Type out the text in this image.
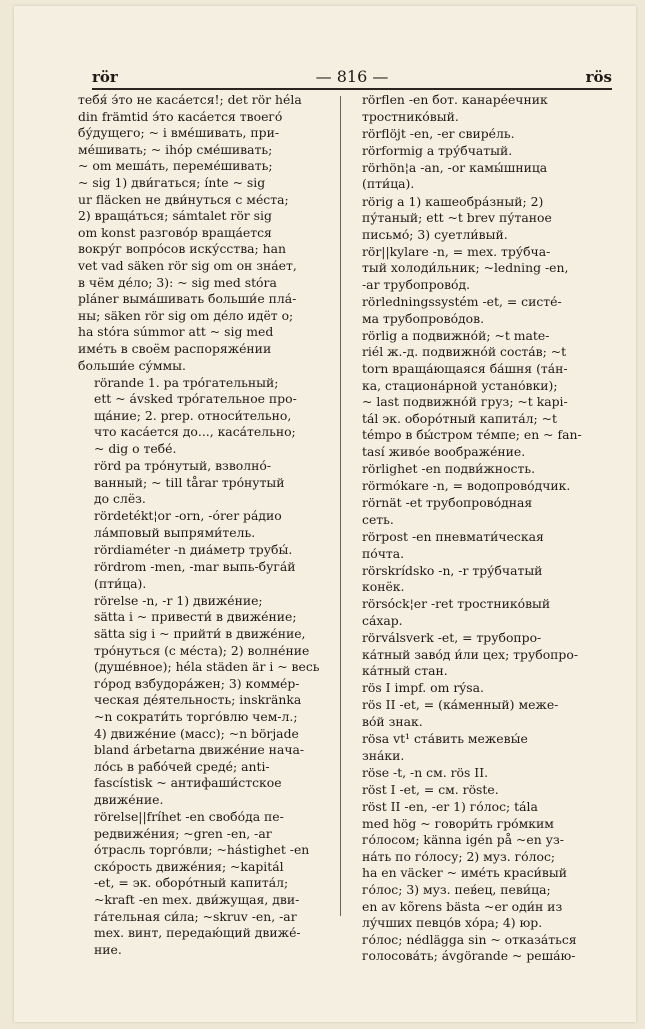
rör	— 816 —	rös
тебя́ э́то не каса́ется!; det rör héla
din främtid э́то каса́ется твоего́
бу́дущего; ~ i вме́шивать, при-
ме́шивать; ~ ihóp сме́шивать;
~ om меша́ть, переме́шивать;
~ sig 1) дви́гаться; ínte ~ sig
ur fläcken не дви́нуться с ме́ста;
2) враща́ться; sámtalet rör sig
om konst разгово́р враща́ется
вокру́г вопро́сов иску́сства; han
vet vad säken rör sig om он зна́ет,
в чём де́ло; 3): ~ sig med stóra
pláner выма́шивать больши́е пла́-
ны; säken rör sig om де́ло идёт о;
ha stóra súmmor att ~ sig med
име́ть в своём распоряже́нии
больши́е су́ммы.
rörande 1. pa тро́гательный;
ett ~ ávsked тро́гательное про-
ща́ние; 2. prep. относи́тельно,
что каса́ется до..., каса́тельно;
~ dig о тебе́.
rörd pa тро́нутый, взволно́-
ванный; ~ till tårar тро́нутый
до слёз.
rördetékt¦or -orn, -órer ра́дио
ла́мповый выпрями́тель.
rördiaméter -n диа́метр трубы́.
rördrom -men, -mar выпь-буга́й
(пти́ца).
rörelse -n, -r 1) движе́ние;
sätta i ~ привести́ в движе́ние;
sätta sig i ~ прийти́ в движе́ние,
тро́нуться (с ме́ста); 2) волне́ние
(душе́вное); héla städen är i ~ весь
го́род взбудора́жен; 3) комме́р-
ческая де́ятельность; inskränka
~n сократи́ть торго́влю чем-л.;
4) движе́ние (масс); ~n började
bland árbetarna движе́ние нача-
ло́сь в рабо́чей среде́; anti-
fascístisk ~ антифаши́стское
движе́ние.
rörelse||fríhet -en свобо́да пе-
редвиже́ния; ~gren -en, -ar
о́трасль торго́вли; ~hástighet -en
ско́рость движе́ния; ~kapitál
-et, = эк. оборо́тный капита́л;
~kraft -en mex. дви́жущая, дви-
га́тельная си́ла; ~skruv -en, -ar
mex. винт, передаю́щий движе́-
ние.
rörflen -en бот. канаре́ечник
тростнико́вый.
rörflöjt -en, -er свире́ль.
rörformig a тру́бчатый.
rörhön¦a -an, -or камы́шница
(пти́ца).
rörig a 1) кашеобра́зный; 2)
пу́таный; ett ~t brev пу́таное
письмо́; 3) суетли́вый.
rör||kylare -n, = mex. тру́бча-
тый холоди́льник; ~ledning -en,
-ar трубопрово́д.
rörledningssystém -et, = систе́-
ма трубопрово́дов.
rörlig a подвижно́й; ~t mate-
riél ж.-д. подвижно́й соста́в; ~t
torn враща́ющаяся ба́шня (та́н-
ка, стациона́рной устано́вки);
~ last подвижно́й груз; ~t kapi-
tál эк. оборо́тный капита́л; ~t
témpo в бы́стром те́мпе; en ~ fan-
tasí живо́е воображе́ние.
rörlighet -en подви́жность.
rörmókare -n, = водопрово́дчик.
rörnät -et трубопрово́дная
сеть.
rörpost -en пневмати́ческая
по́чта.
rörskrídsko -n, -r тру́бчатый
конёк.
rörsóck¦er -ret тростнико́вый
са́хар.
rörválsverk -et, = трубопро-
ка́тный заво́д и́ли цех; трубопро-
ка́тный стан.
rös I impf. om rýsa.
rös II -et, = (ка́менный) меже-
во́й знак.
rösa vt¹ ста́вить межевы́е
зна́ки.
röse -t, -n см. rös II.
röst I -et, = см. röste.
röst II -en, -er 1) го́лос; tála
med hög ~ говори́ть гро́мким
го́лосом; känna igén på ~en уз-
на́ть по го́лосу; 2) муз. го́лос;
ha en väcker ~ име́ть краси́вый
го́лос; 3) муз. пев́ец, певи́ца;
en av kõrens bästa ~er оди́н из
лу́чших певцо́в хо́ра; 4) юр.
го́лос; nédlägga sin ~ отказа́ться
голосова́ть; ávgörande ~ реша́ю-
